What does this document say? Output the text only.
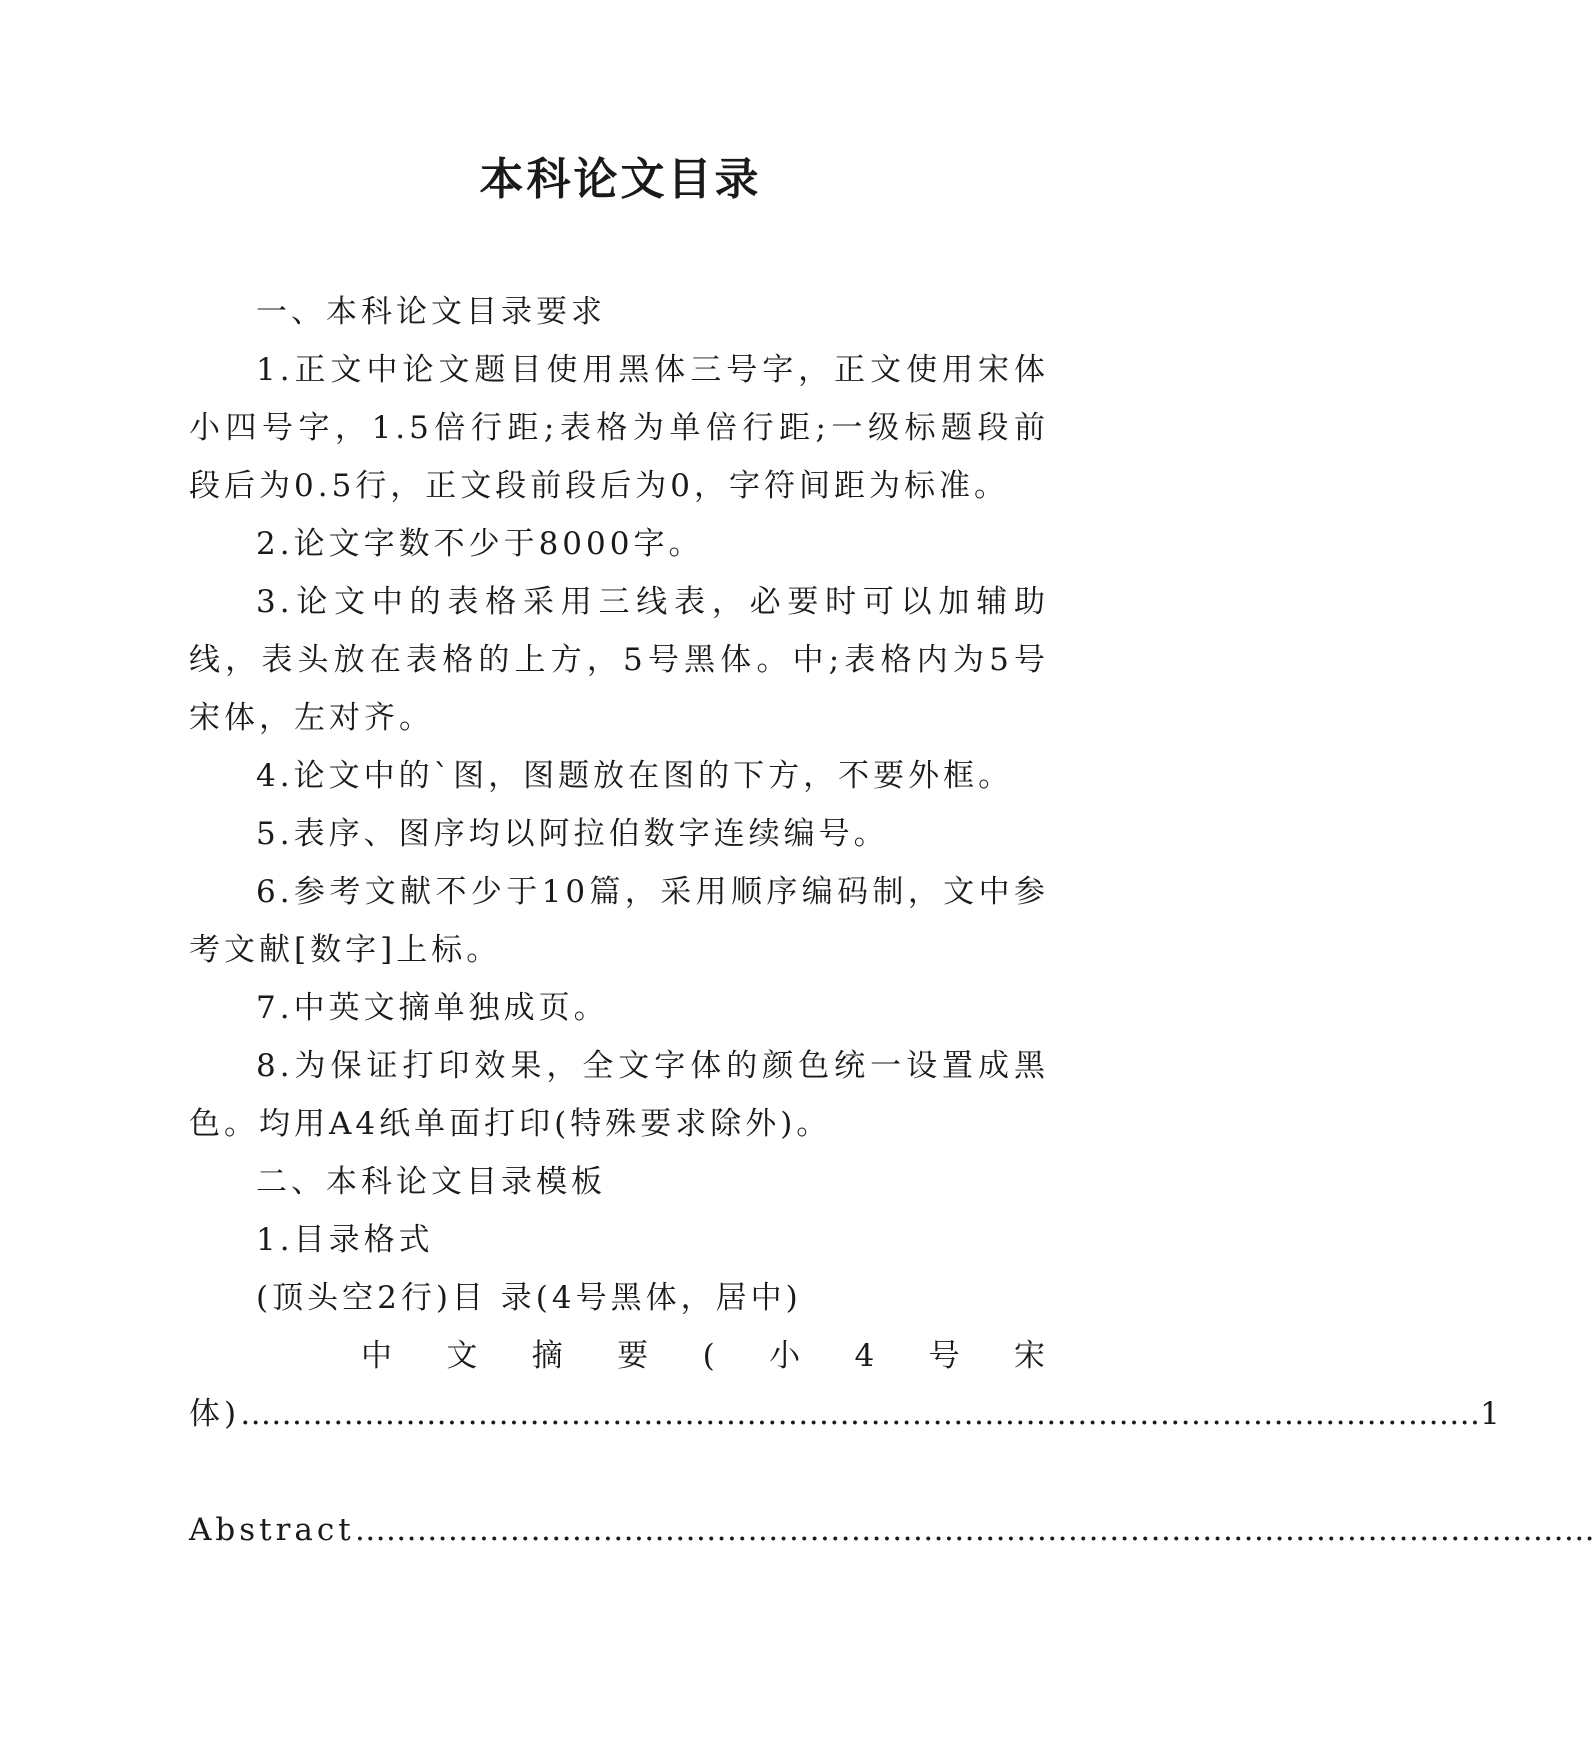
本科论文目录

一、本科论文目录要求

1.正文中论文题目使用黑体三号字，正文使用宋体小四号字，1.5倍行距;表格为单倍行距;一级标题段前段后为0.5行，正文段前段后为0，字符间距为标准。

2.论文字数不少于8000字。

3.论文中的表格采用三线表，必要时可以加辅助线，表头放在表格的上方，5号黑体。中;表格内为5号宋体，左对齐。

4.论文中的`图，图题放在图的下方，不要外框。

5.表序、图序均以阿拉伯数字连续编号。

6.参考文献不少于10篇，采用顺序编码制，文中参考文献[数字]上标。

7.中英文摘单独成页。

8.为保证打印效果，全文字体的颜色统一设置成黑色。均用A4纸单面打印(特殊要求除外)。

二、本科论文目录模板

1.目录格式

(顶头空2行)目 录(4号黑体，居中)

中 文 摘 要 ( 小 4 号 宋
体) ………………………………………………………………………………………………………… 1
Abstract …………………………………………………………………………………………………………
